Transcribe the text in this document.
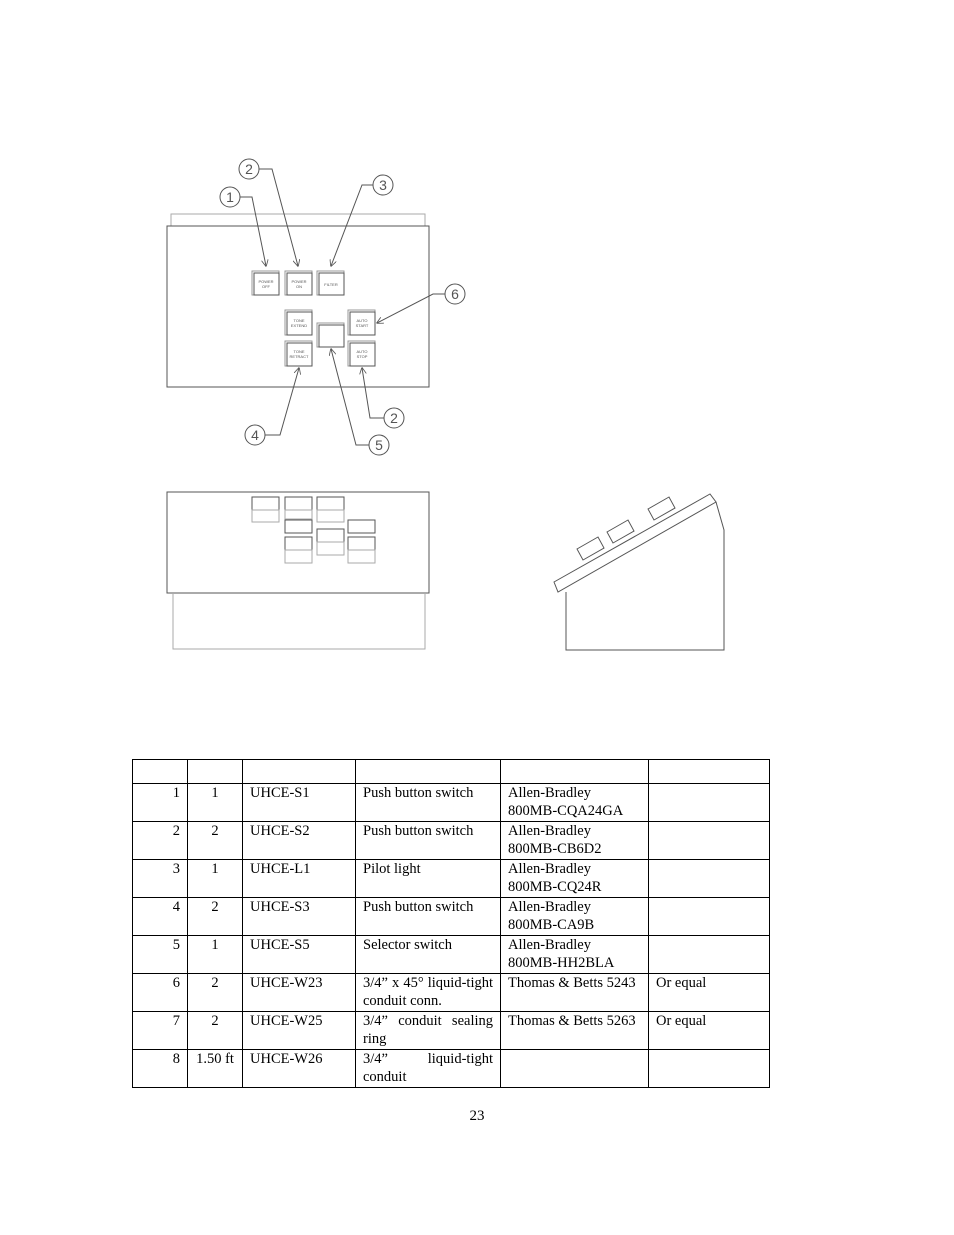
POWER
OFF
POWER
ON	FILTER
TONE
EXTEND
TONE
RETRACT
AUTO
START
AUTO
STOP
1
2
3
6
2
4
5

1	1	UHCE-S1	Push button switch	Allen-Bradley 800MB-CQA24GA	
2	2	UHCE-S2	Push button switch	Allen-Bradley 800MB-CB6D2	
3	1	UHCE-L1	Pilot light	Allen-Bradley 800MB-CQ24R	
4	2	UHCE-S3	Push button switch	Allen-Bradley 800MB-CA9B	
5	1	UHCE-S5	Selector switch	Allen-Bradley 800MB-HH2BLA	
6	2	UHCE-W23	3/4” x 45° liquid-tight conduit conn.	Thomas & Betts 5243	Or equal
7	2	UHCE-W25	3/4” conduit sealing ring	Thomas & Betts 5263	Or equal
8	1.50 ft	UHCE-W26	3/4” liquid-tight conduit		
23
